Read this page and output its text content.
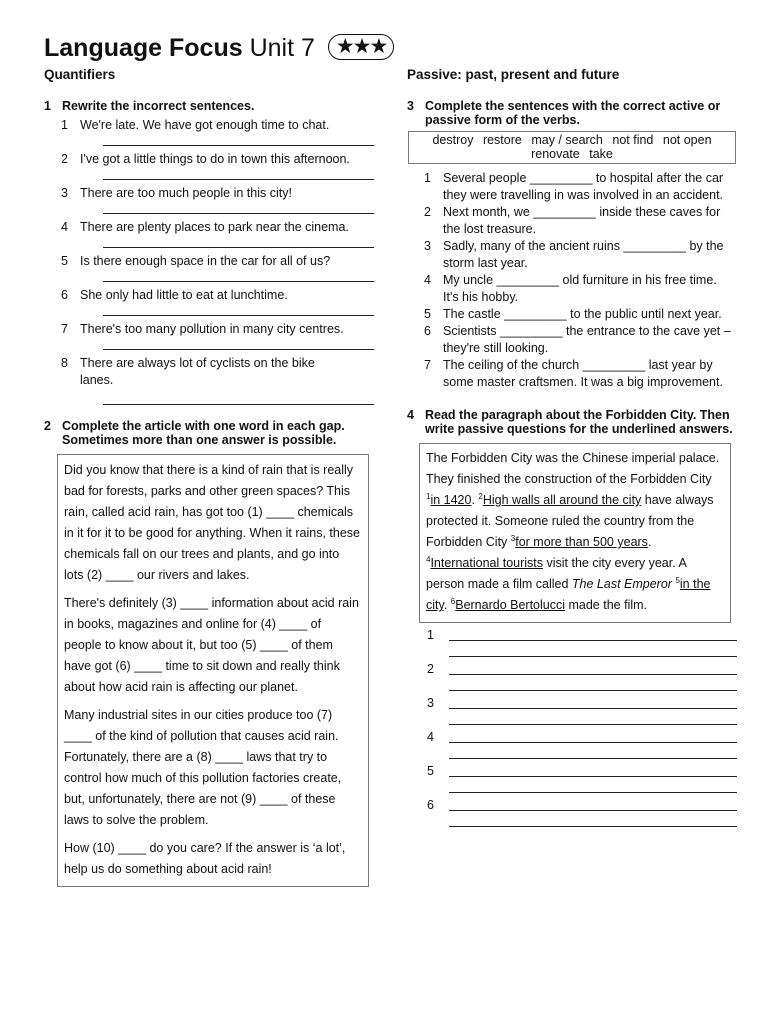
Language Focus Unit 7 ★★★
Quantifiers
1 Rewrite the incorrect sentences.
1 We're late. We have got enough time to chat.
2 I've got a little things to do in town this afternoon.
3 There are too much people in this city!
4 There are plenty places to park near the cinema.
5 Is there enough space in the car for all of us?
6 She only had little to eat at lunchtime.
7 There's too many pollution in many city centres.
8 There are always lot of cyclists on the bike lanes.
2 Complete the article with one word in each gap. Sometimes more than one answer is possible.

Did you know that there is a kind of rain that is really bad for forests, parks and other green spaces? This rain, called acid rain, has got too (1) ____ chemicals in it for it to be good for anything. When it rains, these chemicals fall on our trees and plants, and go into lots (2) ____ our rivers and lakes.

There's definitely (3) ____ information about acid rain in books, magazines and online for (4) ____ of people to know about it, but too (5) ____ of them have got (6) ____ time to sit down and really think about how acid rain is affecting our planet.

Many industrial sites in our cities produce too (7) ____ of the kind of pollution that causes acid rain. Fortunately, there are a (8) ____ laws that try to control how much of this pollution factories create, but, unfortunately, there are not (9) ____ of these laws to solve the problem.

How (10) ____ do you care? If the answer is ‘a lot’, help us do something about acid rain!

Passive: past, present and future
3 Complete the sentences with the correct active or passive form of the verbs.
destroy restore may / search not find not open
renovate take
1 Several people _________ to hospital after the car they were travelling in was involved in an accident.
2 Next month, we _________ inside these caves for the lost treasure.
3 Sadly, many of the ancient ruins _________ by the storm last year.
4 My uncle _________ old furniture in his free time. It's his hobby.
5 The castle _________ to the public until next year.
6 Scientists _________ the entrance to the cave yet – they're still looking.
7 The ceiling of the church _________ last year by some master craftsmen. It was a big improvement.
4 Read the paragraph about the Forbidden City. Then write passive questions for the underlined answers.
The Forbidden City was the Chinese imperial palace. They finished the construction of the Forbidden City $^1$in 1420. $^2$High walls all around the city have always protected it. Someone ruled the country from the Forbidden City $^3$for more than 500 years. $^4$International tourists visit the city every year. A person made a film called The Last Emperor $^5$in the city. $^6$Bernardo Bertolucci made the film.
1
2
3
4
5
6
